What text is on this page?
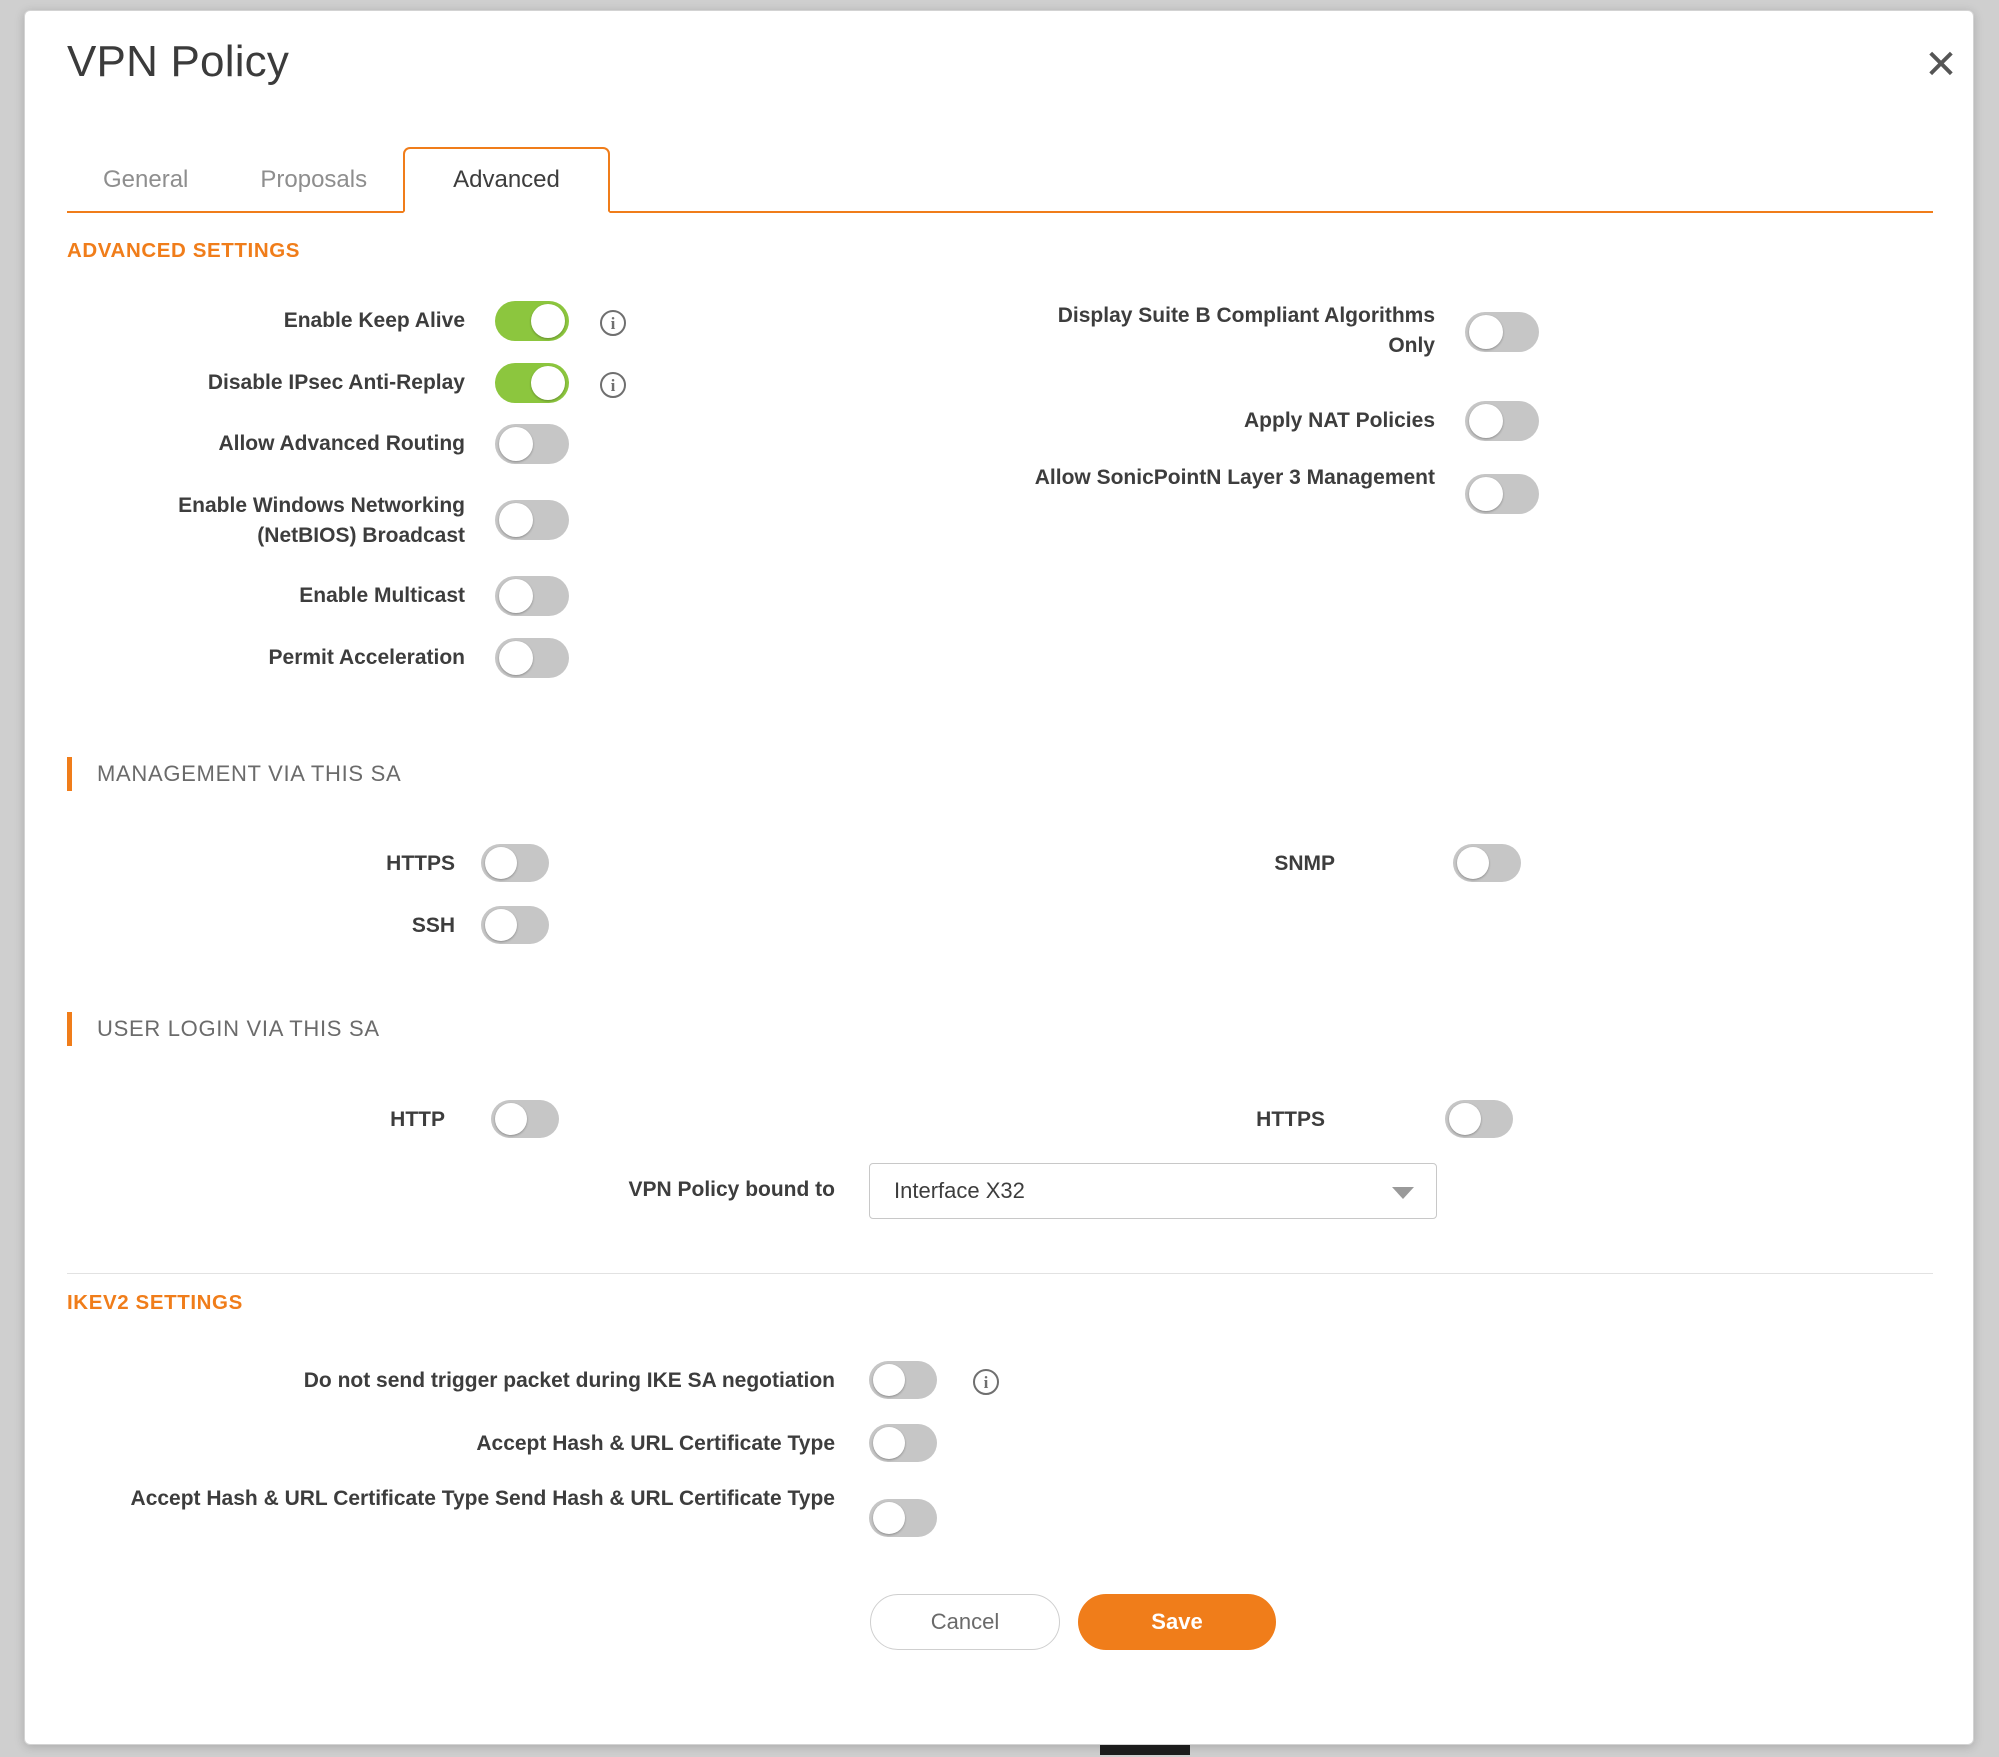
VPN Policy	✕
General	Proposals	Advanced
ADVANCED SETTINGS
Enable Keep Alive	i
Disable IPsec Anti-Replay	i
Allow Advanced Routing
Enable Windows Networking (NetBIOS) Broadcast
Enable Multicast
Permit Acceleration
Display Suite B Compliant Algorithms Only
Apply NAT Policies
Allow SonicPointN Layer 3 Management
MANAGEMENT VIA THIS SA
HTTPS
SSH
SNMP
USER LOGIN VIA THIS SA
HTTP	HTTPS
VPN Policy bound to	Interface X32
IKEV2 SETTINGS
Do not send trigger packet during IKE SA negotiation	i
Accept Hash & URL Certificate Type
Accept Hash & URL Certificate Type Send Hash & URL Certificate Type
Cancel	Save
